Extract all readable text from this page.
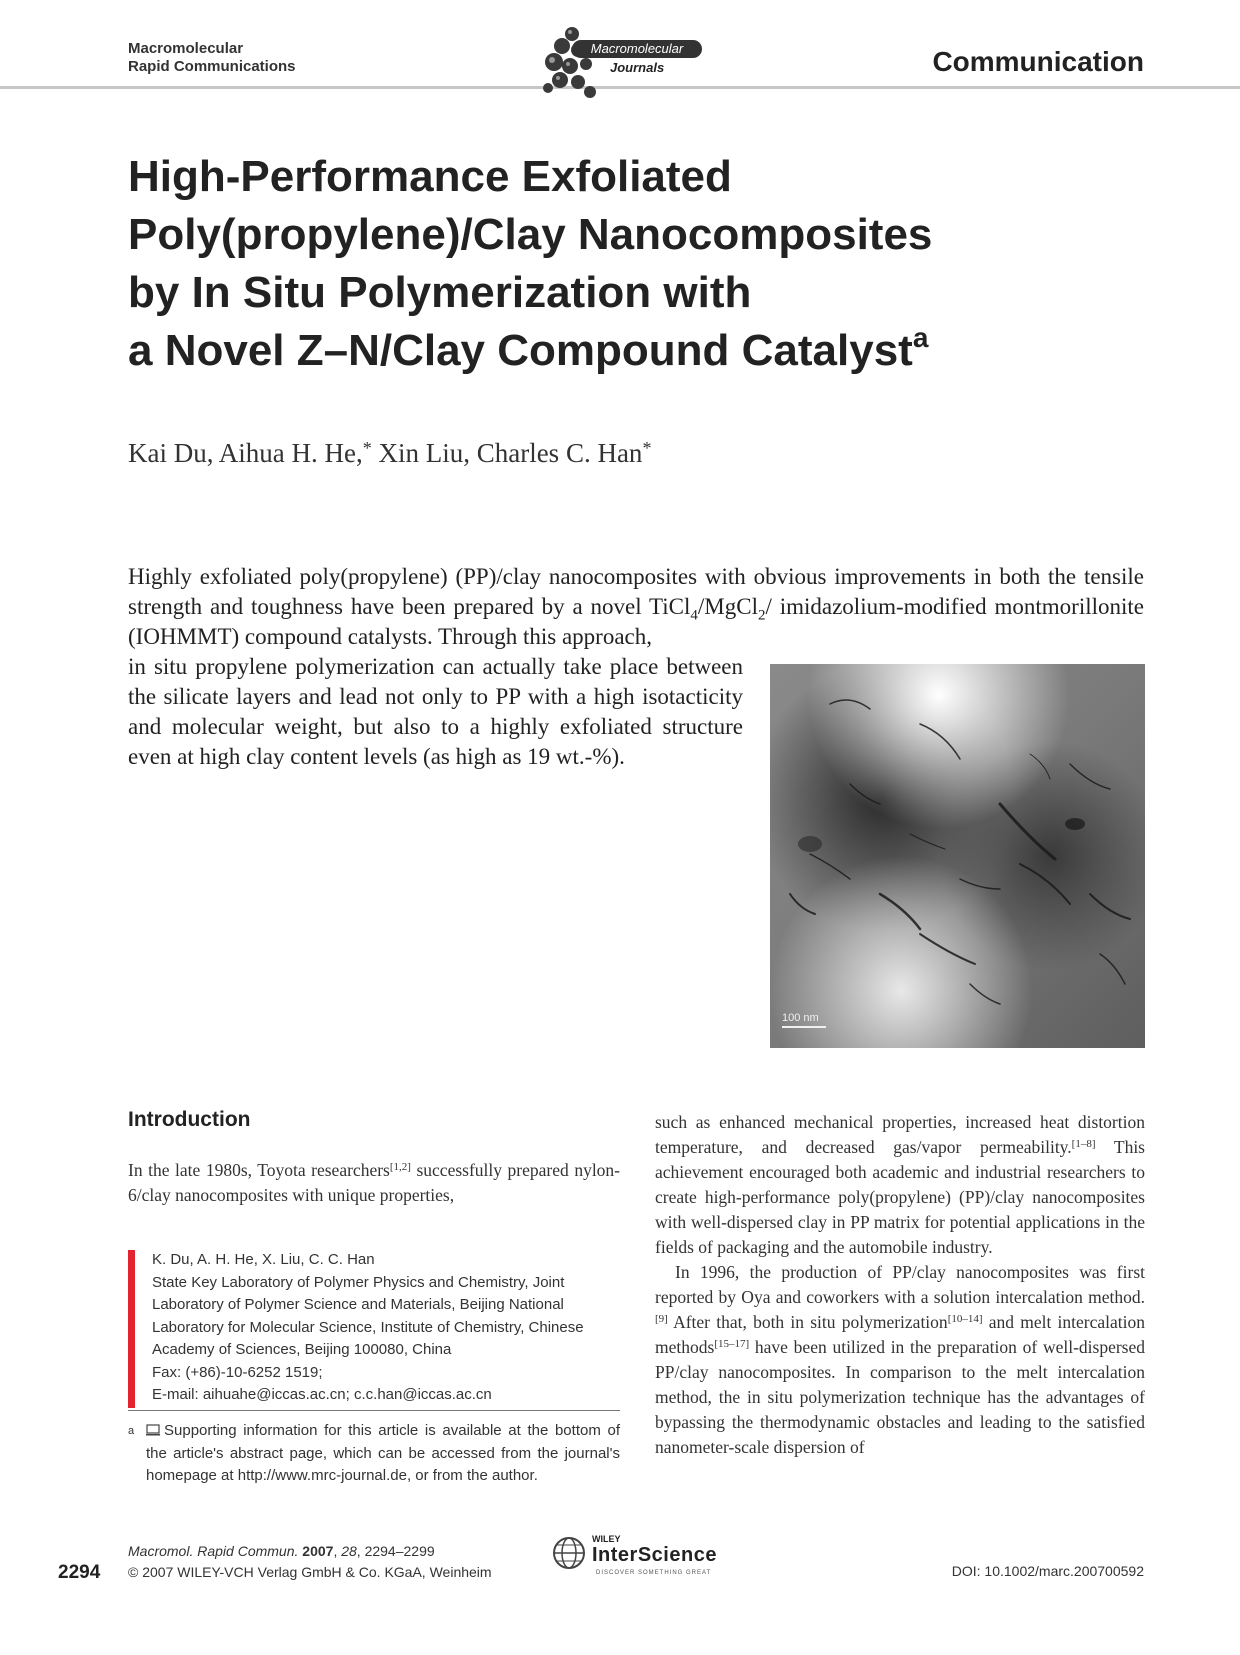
Macromolecular
Rapid Communications
Macromolecular
Journals	Communication
High-Performance Exfoliated
Poly(propylene)/Clay Nanocomposites
by In Situ Polymerization with
a Novel Z–N/Clay Compound Catalyst$^a$
Kai Du, Aihua H. He,* Xin Liu, Charles C. Han*
Highly exfoliated poly(propylene) (PP)/clay nanocomposites with obvious improvements in both the tensile strength and toughness have been prepared by a novel TiCl$_4$/MgCl$_2$/ imidazolium-modified montmorillonite (IOHMMT) compound catalysts. Through this approach,
in situ propylene polymerization can actually take place between the silicate layers and lead not only to PP with a high isotacticity and molecular weight, but also to a highly exfoliated structure even at high clay content levels (as high as 19 wt.-%).
100 nm
Introduction
In the late 1980s, Toyota researchers[1,2] successfully prepared nylon-6/clay nanocomposites with unique properties,
such as enhanced mechanical properties, increased heat distortion temperature, and decreased gas/vapor permeability.[1–8] This achievement encouraged both academic and industrial researchers to create high-performance poly(propylene) (PP)/clay nanocomposites with well-dispersed clay in PP matrix for potential applications in the fields of packaging and the automobile industry.
In 1996, the production of PP/clay nanocomposites was first reported by Oya and coworkers with a solution intercalation method.[9] After that, both in situ polymerization[10–14] and melt intercalation methods[15–17] have been utilized in the preparation of well-dispersed PP/clay nanocomposites. In comparison to the melt intercalation method, the in situ polymerization technique has the advantages of bypassing the thermodynamic obstacles and leading to the satisfied nanometer-scale dispersion of
K. Du, A. H. He, X. Liu, C. C. Han
State Key Laboratory of Polymer Physics and Chemistry, Joint Laboratory of Polymer Science and Materials, Beijing National Laboratory for Molecular Science, Institute of Chemistry, Chinese Academy of Sciences, Beijing 100080, China
Fax: (+86)-10-6252 1519;
E-mail: aihuahe@iccas.ac.cn; c.c.han@iccas.ac.cn
a	Supporting information for this article is available at the bottom of the article's abstract page, which can be accessed from the journal's homepage at http://www.mrc-journal.de, or from the author.
2294
Macromol. Rapid Commun. 2007, 28, 2294–2299
© 2007 WILEY-VCH Verlag GmbH & Co. KGaA, Weinheim
WILEY
InterScience
DISCOVER SOMETHING GREAT	DOI: 10.1002/marc.200700592
